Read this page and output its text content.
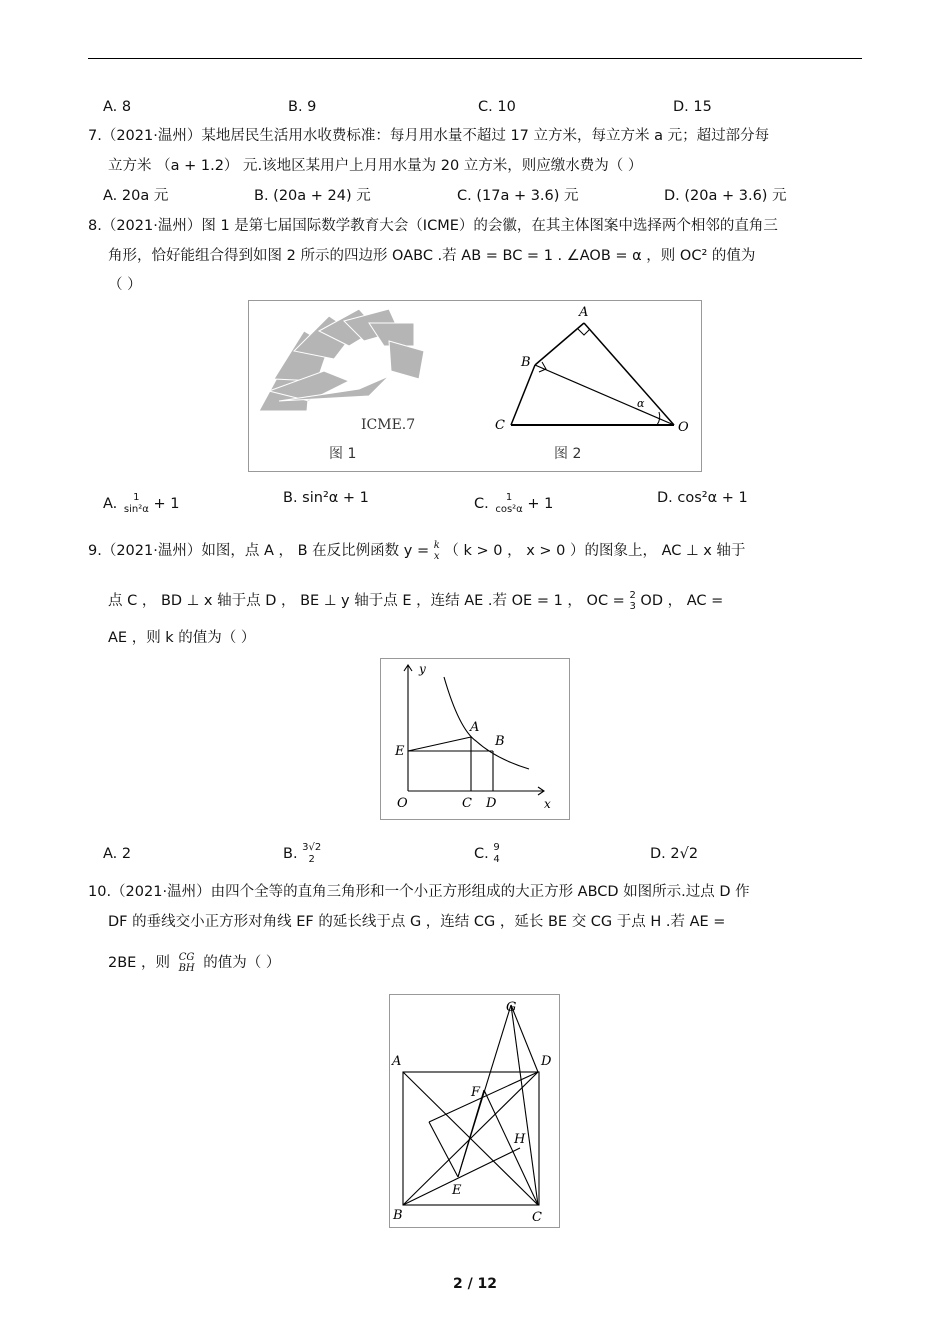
A. 8	B. 9	C. 10	D. 15
7.（2021·温州）某地居民生活用水收费标准：每月用水量不超过 17 立方米，每立方米 a 元；超过部分每
立方米 （a + 1.2） 元.该地区某用户上月用水量为 20 立方米，则应缴水费为（ ）
A. 20a 元	B. (20a + 24) 元	C. (17a + 3.6) 元	D. (20a + 3.6) 元
8.（2021·温州）图 1 是第七届国际数学教育大会（ICME）的会徽，在其主体图案中选择两个相邻的直角三
角形，恰好能组合得到如图 2 所示的四边形 OABC .若 AB = BC = 1 . ∠AOB = α ，则 OC² 的值为
（ ）
ICME.7
图 1
A
B
C	O
α
图 2
A.	1
sin²α + 1	B. sin²α + 1	C.	1
cos²α + 1	D. cos²α + 1
9.（2021·温州）如图，点 A ， B 在反比例函数 y = k
x （ k > 0 ， x > 0 ）的图象上， AC ⊥ x 轴于
点 C ， BD ⊥ x 轴于点 D ， BE ⊥ y 轴于点 E ，连结 AE .若 OE = 1 ， OC = 2
3 OD ， AC =
AE ，则 k 的值为（ ）
y
x
O
E
A
B
C D
A. 2	B. 3√2
2	C. 9
4	D. 2√2
10.（2021·温州）由四个全等的直角三角形和一个小正方形组成的大正方形 ABCD 如图所示.过点 D 作
DF 的垂线交小正方形对角线 EF 的延长线于点 G ，连结 CG ，延长 BE 交 CG 于点 H .若 AE =
2BE ，则 CG
BH 的值为（ ）
G
A	D
F
H
E
B	C
2 / 12
